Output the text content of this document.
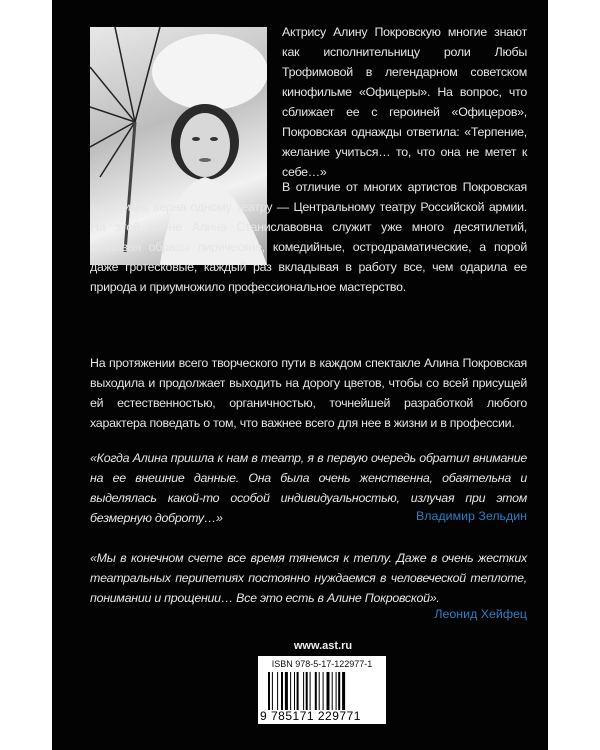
Актрису Алину Покровскую многие знают как исполнительницу роли Любы Трофимовой в легендарном советском кинофильме «Офицеры». На вопрос, что сближает ее с героиней «Офицеров», Покровская однажды ответила: «Терпение, желание учиться… то, что она не метет к себе…»

В отличие от многих артистов Покровская всю жизнь верна одному театру — Центральному театру Российской армии. На этой сцене Алина Станиславовна служит уже много десятилетий, создавая образы лирические, комедийные, остродраматические, а порой даже гротесковые, каждый раз вкладывая в работу все, чем одарила ее природа и приумножило профессиональное мастерство.

На протяжении всего творческого пути в каждом спектакле Алина Покровская выходила и продолжает выходить на дорогу цветов, чтобы со всей присущей ей естественностью, органичностью, точнейшей разработкой любого характера поведать о том, что важнее всего для нее в жизни и в профессии.

«Когда Алина пришла к нам в театр, я в первую очередь обратил внимание на ее внешние данные. Она была очень женственна, обаятельна и выделялась какой-то особой индивидуальностью, излучая при этом безмерную доброту…»	Владимир Зельдин

«Мы в конечном счете все время тянемся к теплу. Даже в очень жестких театральных перипетиях постоянно нуждаемся в человеческой теплоте, понимании и прощении… Все это есть в Алине Покровской».

Леонид Хейфец

www.ast.ru
ISBN 978-5-17-122977-1
9 785171 229771
